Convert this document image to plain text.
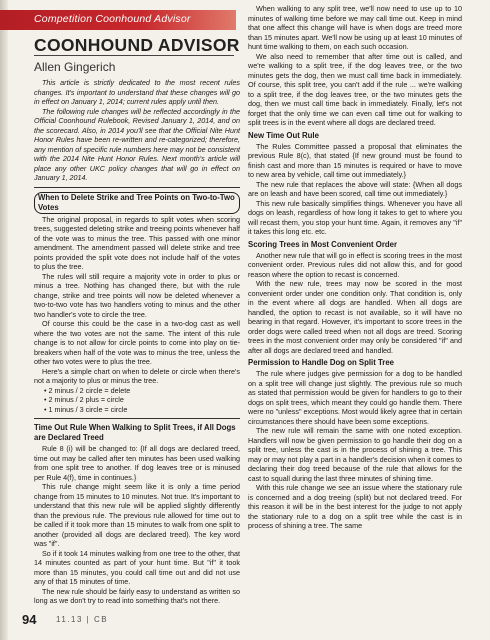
Competition Coonhound Advisor
COONHOUND ADVISOR
Allen Gingerich

This article is strictly dedicated to the most recent rules changes. It's important to understand that these changes will go in effect on January 1, 2014; current rules apply until then.

The following rule changes will be reflected accordingly in the Official Coonhound Rulebook, Revised January 1, 2014, and on the scorecard. Also, in 2014 you'll see that the Official Nite Hunt Honor Rules have been re-written and re-categorized; therefore, any mention of specific rule numbers here may not be consistent with the 2014 Nite Hunt Honor Rules. Next month's article will place any other UKC policy changes that will go in effect on January 1, 2014.

When to Delete Strike and Tree Points on Two-to-Two Votes

The original proposal, in regards to split votes when scoring trees, suggested deleting strike and treeing points whenever half of the vote was to minus the tree. This passed with one minor amendment. The amendment passed will delete strike and tree points provided the split vote does not include half of the votes to plus the tree.

The rules will still require a majority vote in order to plus or minus a tree. Nothing has changed there, but with the rule change, strike and tree points will now be deleted whenever a two-to-two vote has two handlers voting to minus and the other two handler's vote to circle the tree.

Of course this could be the case in a two-dog cast as well where the two votes are not the same. The intent of this rule change is to not allow for circle points to come into play on tie-breakers when half of the vote was to minus the tree, unless the other two votes were to plus the tree.

Here's a simple chart on when to delete or circle when there's not a majority to plus or minus the tree.

• 2 minus / 2 circle = delete
• 2 minus / 2 plus = circle
• 1 minus / 3 circle = circle
Time Out Rule When Walking to Split Trees, if All Dogs are Declared Treed

Rule 8 (i) will be changed to: {If all dogs are declared treed, time out may be called after ten minutes has been used walking from one split tree to another. If dog leaves tree or is minused per Rule 4(f), time in continues.}

This rule change might seem like it is only a time period change from 15 minutes to 10 minutes. Not true. It's important to understand that this new rule will be applied slightly differently than the previous rule. The previous rule allowed for time out to be called if it took more than 15 minutes to walk from one split to another (provided all dogs are declared treed). The key word was "if".

So if it took 14 minutes walking from one tree to the other, that 14 minutes counted as part of your hunt time. But "if" it took more than 15 minutes, you could call time out and did not use any of that 15 minutes of time.

The new rule should be fairly easy to understand as written so long as we don't try to read into something that's not there.

When walking to any split tree, we'll now need to use up to 10 minutes of walking time before we may call time out. Keep in mind that one affect this change will have is when dogs are treed more than 15 minutes apart. We'll now be using up at least 10 minutes of hunt time walking to them, on each such occasion.

We also need to remember that after time out is called, and we're walking to a split tree, if the dog leaves tree, or the two minutes gets the dog, then we must call time back in immediately. Of course, this split tree, you can't add if the rule ... we're walking to a split tree, if the dog leaves tree, or the two minutes gets the dog, then we must call time back in immediately. Finally, let's not forget that the only time we can even call time out for walking to split trees is in the event where all dogs are declared treed.

New Time Out Rule

The Rules Committee passed a proposal that eliminates the previous Rule 8(c), that stated {If new ground must be found to finish cast and more than 15 minutes is required or have to move to new area by vehicle, call time out immediately.}

The new rule that replaces the above will state: {When all dogs are on leash and have been scored, call time out immediately.}

This new rule basically simplifies things. Whenever you have all dogs on leash, regardless of how long it takes to get to where you will recast them, you stop your hunt time. Again, it removes any "if" it takes this long etc. etc.

Scoring Trees in Most Convenient Order

Another new rule that will go in effect is scoring trees in the most convenient order. Previous rules did not allow this, and for good reason where the option to recast is concerned.

With the new rule, trees may now be scored in the most convenient order under one condition only. That condition is, only in the event where all dogs are handled. When all dogs are handled, the option to recast is not available, so it will have no bearing in that regard. However, it's important to score trees in the order dogs were called treed when not all dogs are treed. Scoring trees in the most convenient order may only be considered "if" and after all dogs are declared treed and handled.

Permission to Handle Dog on Split Tree

The rule where judges give permission for a dog to be handled on a split tree will change just slightly. The previous rule so much as stated that permission would be given for handlers to go to their dogs on split trees, which meant they could go handle them. There were no "unless" exceptions. Most would likely agree that in certain circumstances there should have been some exceptions.

The new rule will remain the same with one noted exception. Handlers will now be given permission to go handle their dog on a split tree, unless the cast is in the process of shining a tree. This may or may not play a part in a handler's decision when it comes to declaring their dog treed because of the rule that allows for the cast to squall during the last three minutes of shining time.

With this rule change we see an issue where the stationary rule is concerned and a dog treeing (split) but not declared treed. For this reason it will be in the best interest for the judge to not apply the stationary rule to a dog on a split tree while the cast is in process of shining a tree. The same

94 11.13 | CB
